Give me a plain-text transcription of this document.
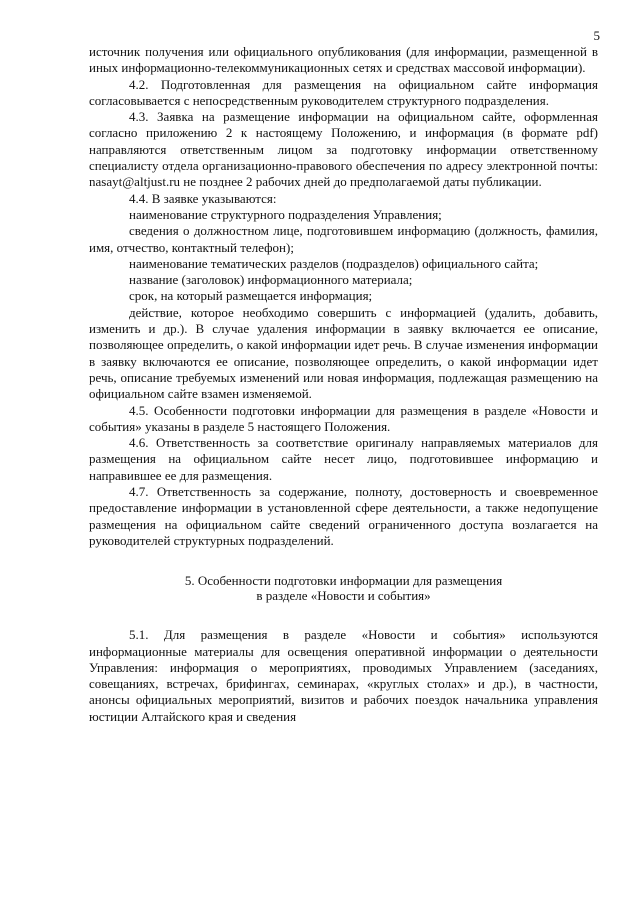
5

источник получения или официального опубликования (для информации, размещенной в иных информационно-телекоммуникационных сетях и средствах массовой информации).

4.2. Подготовленная для размещения на официальном сайте информация согласовывается с непосредственным руководителем структурного подразделения.

4.3. Заявка на размещение информации на официальном сайте, оформленная согласно приложению 2 к настоящему Положению, и информация (в формате pdf) направляются ответственным лицом за подготовку информации ответственному специалисту отдела организационно-правового обеспечения по адресу электронной почты: nasayt@altjust.ru не позднее 2 рабочих дней до предполагаемой даты публикации.

4.4. В заявке указываются:

наименование структурного подразделения Управления;

сведения о должностном лице, подготовившем информацию (должность, фамилия, имя, отчество, контактный телефон);

наименование тематических разделов (подразделов) официального сайта;

название (заголовок) информационного материала;

срок, на который размещается информация;

действие, которое необходимо совершить с информацией (удалить, добавить, изменить и др.). В случае удаления информации в заявку включается ее описание, позволяющее определить, о какой информации идет речь. В случае изменения информации в заявку включаются ее описание, позволяющее определить, о какой информации идет речь, описание требуемых изменений или новая информация, подлежащая размещению на официальном сайте взамен изменяемой.

4.5. Особенности подготовки информации для размещения в разделе «Новости и события» указаны в разделе 5 настоящего Положения.

4.6. Ответственность за соответствие оригиналу направляемых материалов для размещения на официальном сайте несет лицо, подготовившее информацию и направившее ее для размещения.

4.7. Ответственность за содержание, полноту, достоверность и своевременное предоставление информации в установленной сфере деятельности, а также недопущение размещения на официальном сайте сведений ограниченного доступа возлагается на руководителей структурных подразделений.

5. Особенности подготовки информации для размещения
в разделе «Новости и события»

5.1. Для размещения в разделе «Новости и события» используются информационные материалы для освещения оперативной информации о деятельности Управления: информация о мероприятиях, проводимых Управлением (заседаниях, совещаниях, встречах, брифингах, семинарах, «круглых столах» и др.), в частности, анонсы официальных мероприятий, визитов и рабочих поездок начальника управления юстиции Алтайского края и сведения
